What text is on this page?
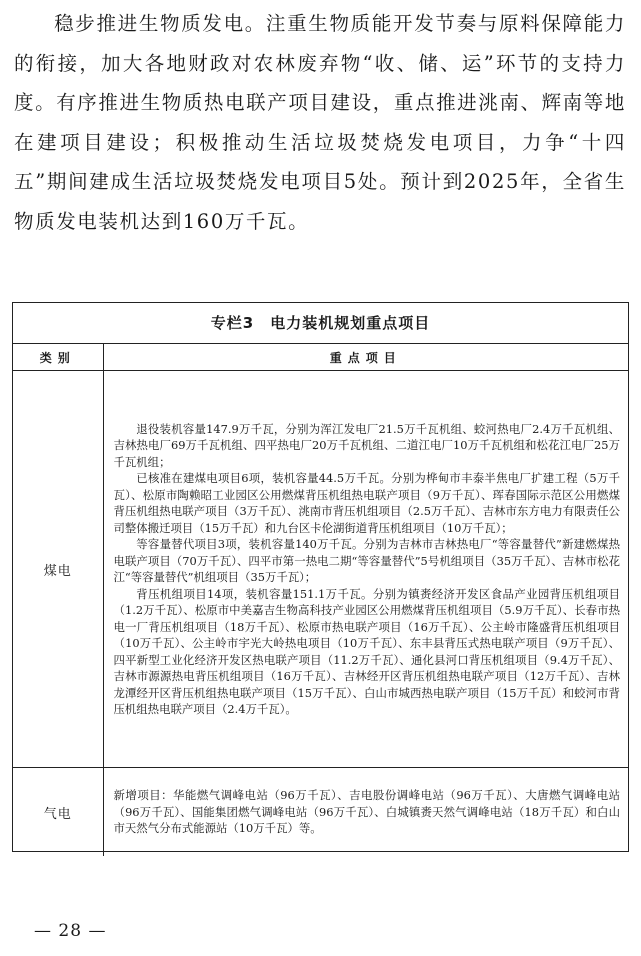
稳步推进生物质发电。注重生物质能开发节奏与原料保障能力的衔接，加大各地财政对农林废弃物“收、储、运”环节的支持力度。有序推进生物质热电联产项目建设，重点推进洮南、辉南等地在建项目建设；积极推动生活垃圾焚烧发电项目，力争“十四五”期间建成生活垃圾焚烧发电项目5处。预计到2025年，全省生物质发电装机达到160万千瓦。

专栏3 电力装机规划重点项目
类别	重点项目
煤电	退役装机容量147.9万千瓦，分别为浑江发电厂21.5万千瓦机组、蛟河热电厂2.4万千瓦机组、吉林热电厂69万千瓦机组、四平热电厂20万千瓦机组、二道江电厂10万千瓦机组和松花江电厂25万千瓦机组；

已核准在建煤电项目6项，装机容量44.5万千瓦。分别为桦甸市丰泰半焦电厂扩建工程（5万千瓦）、松原市陶赖昭工业园区公用燃煤背压机组热电联产项目（9万千瓦）、珲春国际示范区公用燃煤背压机组热电联产项目（3万千瓦）、洮南市背压机组项目（2.5万千瓦）、吉林市东方电力有限责任公司整体搬迁项目（15万千瓦）和九台区卡伦湖街道背压机组项目（10万千瓦）；

等容量替代项目3项，装机容量140万千瓦。分别为吉林市吉林热电厂“等容量替代”新建燃煤热电联产项目（70万千瓦）、四平市第一热电二期“等容量替代”5号机组项目（35万千瓦）、吉林市松花江“等容量替代”机组项目（35万千瓦）；

背压机组项目14项，装机容量151.1万千瓦。分别为镇赉经济开发区食品产业园背压机组项目（1.2万千瓦）、松原市中美嘉吉生物高科技产业园区公用燃煤背压机组项目（5.9万千瓦）、长春市热电一厂背压机组项目（18万千瓦）、松原市热电联产项目（16万千瓦）、公主岭市隆盛背压机组项目（10万千瓦）、公主岭市宇光大岭热电项目（10万千瓦）、东丰县背压式热电联产项目（9万千瓦）、四平新型工业化经济开发区热电联产项目（11.2万千瓦）、通化县河口背压机组项目（9.4万千瓦）、吉林市源源热电背压机组项目（16万千瓦）、吉林经开区背压机组热电联产项目（12万千瓦）、吉林龙潭经开区背压机组热电联产项目（15万千瓦）、白山市城西热电联产项目（15万千瓦）和蛟河市背压机组热电联产项目（2.4万千瓦）。

气电	新增项目：华能燃气调峰电站（96万千瓦）、吉电股份调峰电站（96万千瓦）、大唐燃气调峰电站（96万千瓦）、国能集团燃气调峰电站（96万千瓦）、白城镇赉天然气调峰电站（18万千瓦）和白山市天然气分布式能源站（10万千瓦）等。

— 28 —
